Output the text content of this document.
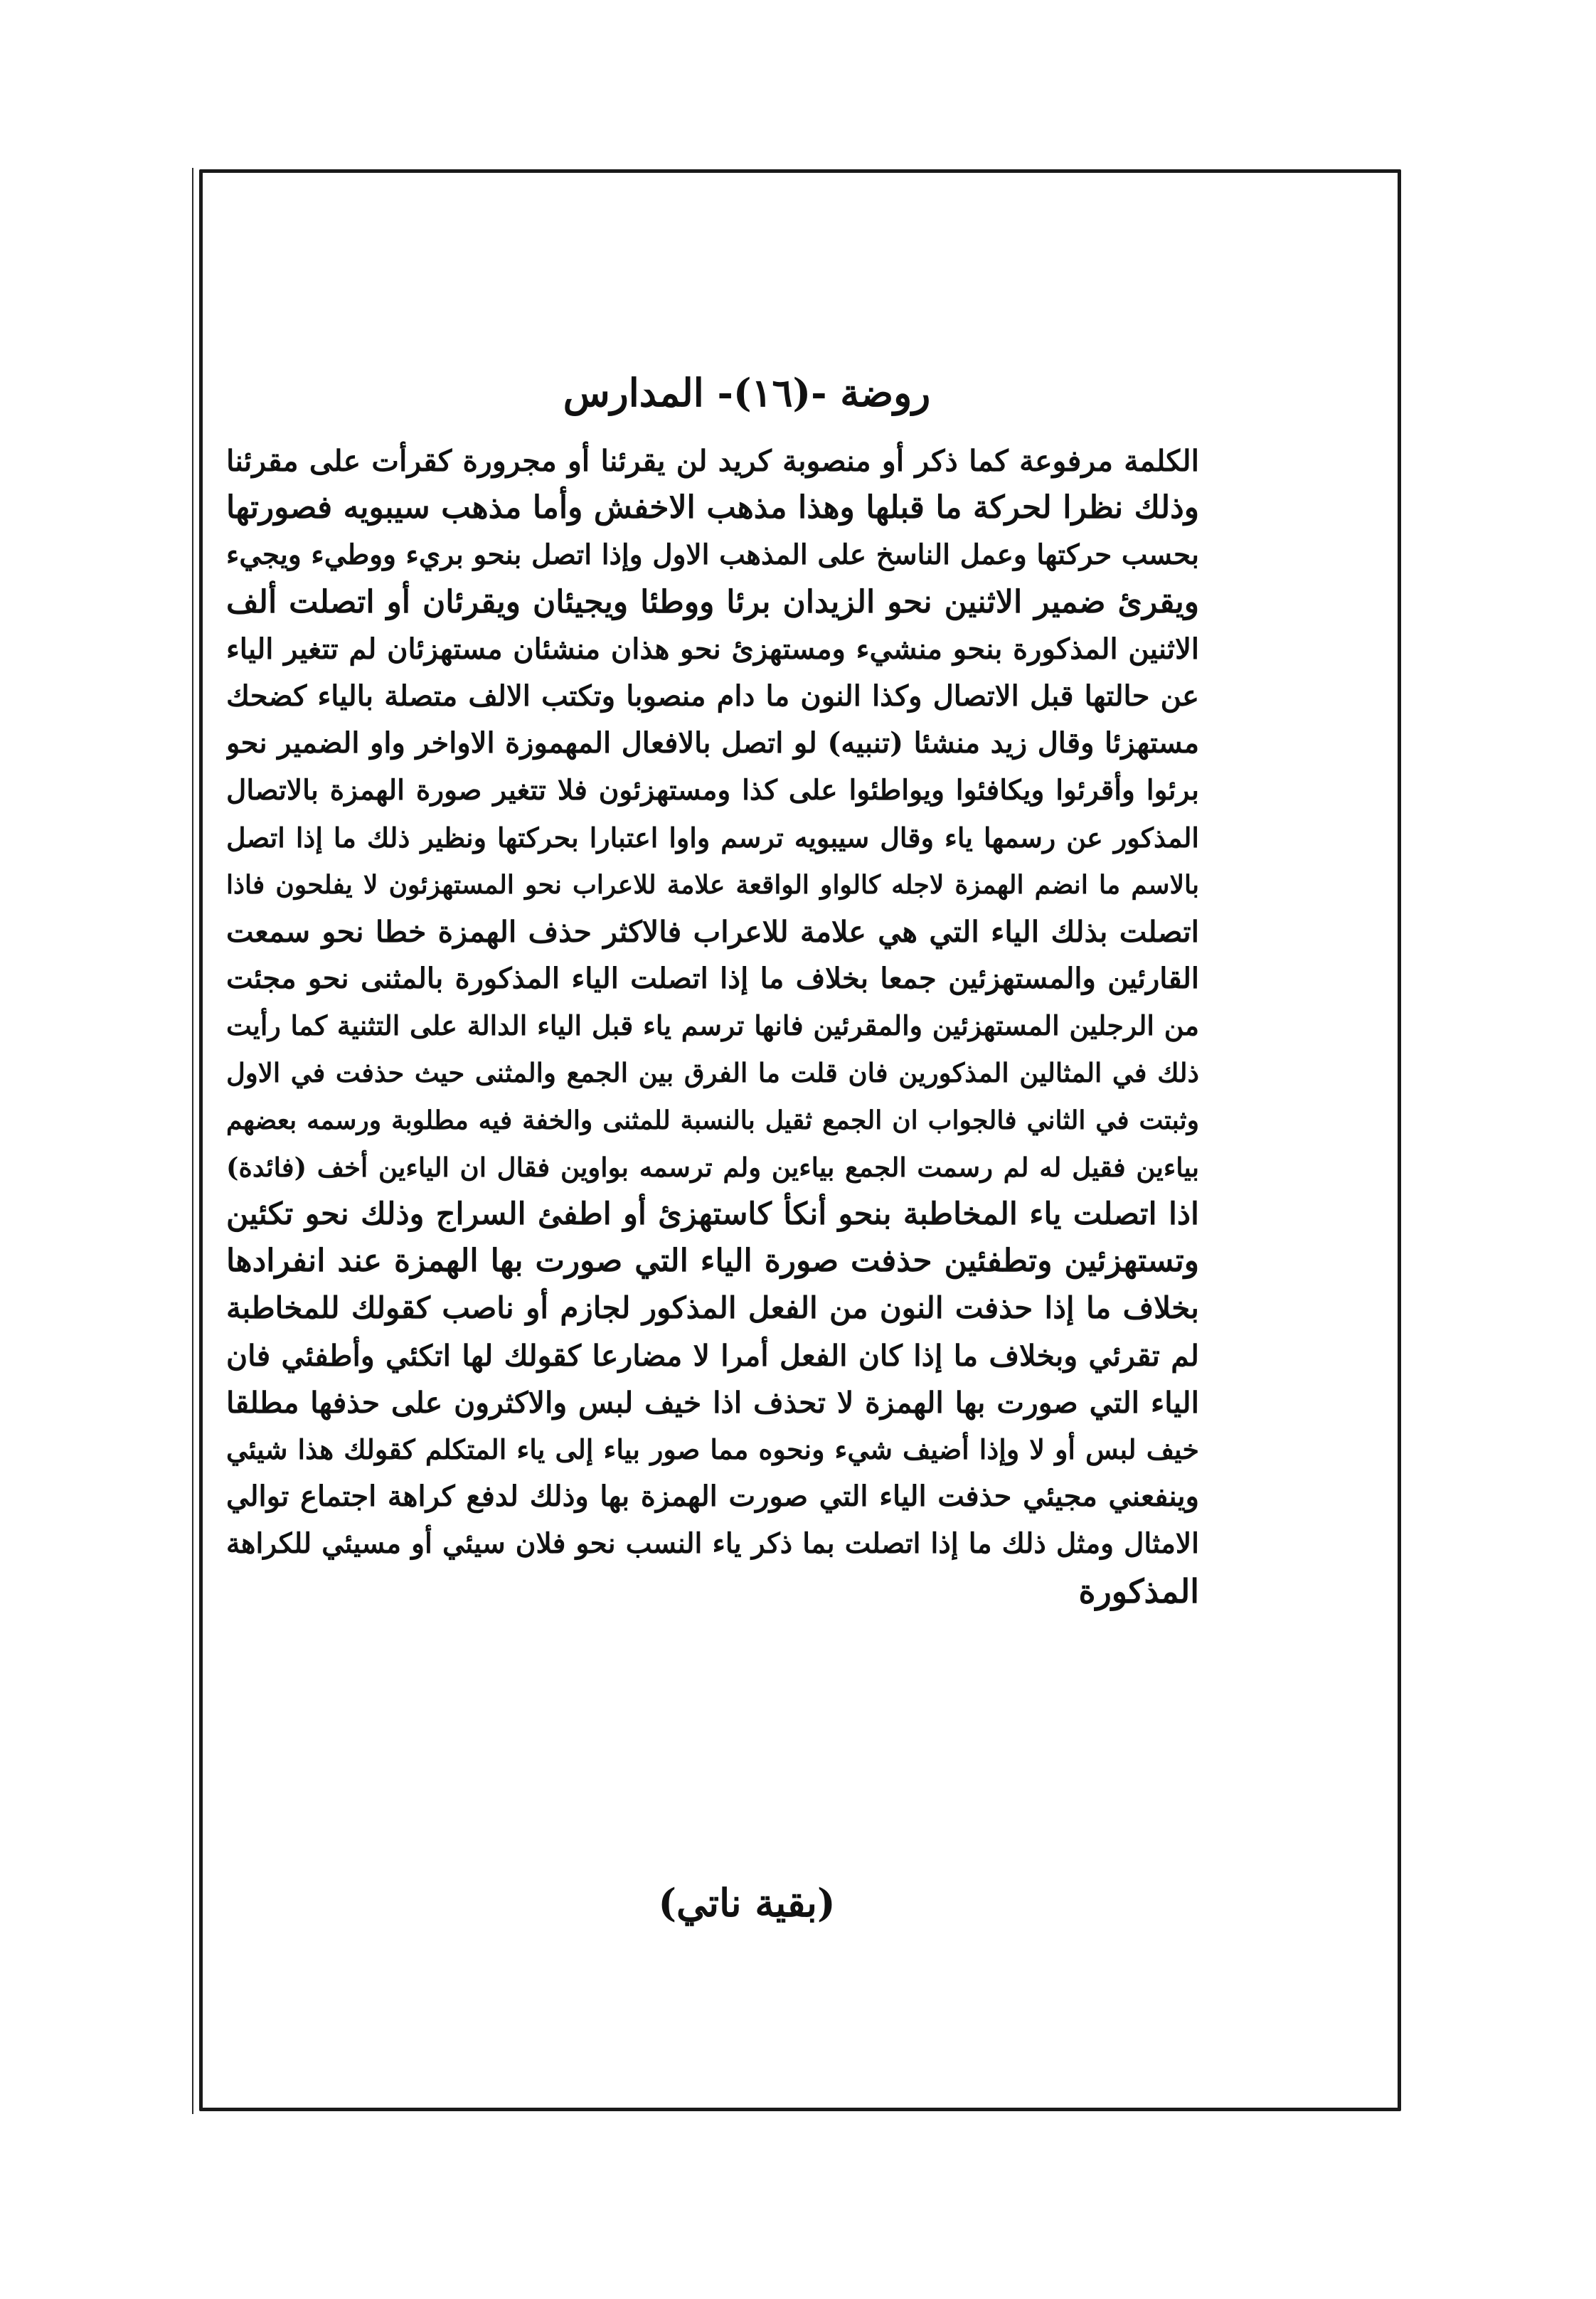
روضة -(١٦)- المدارس
الكلمة مرفوعة كما ذكر أو منصوبة كريد لن يقرئنا أو مجرورة كقرأت على مقرئنا
وذلك نظرا لحركة ما قبلها وهذا مذهب الاخفش وأما مذهب سيبويه فصورتها
بحسب حركتها وعمل الناسخ على المذهب الاول وإذا اتصل بنحو بريء ووطيء ويجيء
ويقرئ ضمير الاثنين نحو الزيدان برئا ووطئا ويجيئان ويقرئان أو اتصلت ألف
الاثنين المذكورة بنحو منشيء ومستهزئ نحو هذان منشئان مستهزئان لم تتغير الياء
عن حالتها قبل الاتصال وكذا النون ما دام منصوبا وتكتب الالف متصلة بالياء كضحك
مستهزئا وقال زيد منشئا (تنبيه) لو اتصل بالافعال المهموزة الاواخر واو الضمير نحو
برئوا وأقرئوا ويكافئوا ويواطئوا على كذا ومستهزئون فلا تتغير صورة الهمزة بالاتصال
المذكور عن رسمها ياء وقال سيبويه ترسم واوا اعتبارا بحركتها ونظير ذلك ما إذا اتصل
بالاسم ما انضم الهمزة لاجله كالواو الواقعة علامة للاعراب نحو المستهزئون لا يفلحون فاذا
اتصلت بذلك الياء التي هي علامة للاعراب فالاكثر حذف الهمزة خطا نحو سمعت
القارئين والمستهزئين جمعا بخلاف ما إذا اتصلت الياء المذكورة بالمثنى نحو مجئت
من الرجلين المستهزئين والمقرئين فانها ترسم ياء قبل الياء الدالة على التثنية كما رأيت
ذلك في المثالين المذكورين فان قلت ما الفرق بين الجمع والمثنى حيث حذفت في الاول
وثبتت في الثاني فالجواب ان الجمع ثقيل بالنسبة للمثنى والخفة فيه مطلوبة ورسمه بعضهم
بياءين فقيل له لم رسمت الجمع بياءين ولم ترسمه بواوين فقال ان الياءين أخف (فائدة)
اذا اتصلت ياء المخاطبة بنحو أنكأ كاستهزئ أو اطفئ السراج وذلك نحو تكئين
وتستهزئين وتطفئين حذفت صورة الياء التي صورت بها الهمزة عند انفرادها
بخلاف ما إذا حذفت النون من الفعل المذكور لجازم أو ناصب كقولك للمخاطبة
لم تقرئي وبخلاف ما إذا كان الفعل أمرا لا مضارعا كقولك لها اتكئي وأطفئي فان
الياء التي صورت بها الهمزة لا تحذف اذا خيف لبس والاكثرون على حذفها مطلقا
خيف لبس أو لا وإذا أضيف شيء ونحوه مما صور بياء إلى ياء المتكلم كقولك هذا شيئي
وينفعني مجيئي حذفت الياء التي صورت الهمزة بها وذلك لدفع كراهة اجتماع توالي
الامثال ومثل ذلك ما إذا اتصلت بما ذكر ياء النسب نحو فلان سيئي أو مسيئي للكراهة
المذكورة
(بقية ناتي)
